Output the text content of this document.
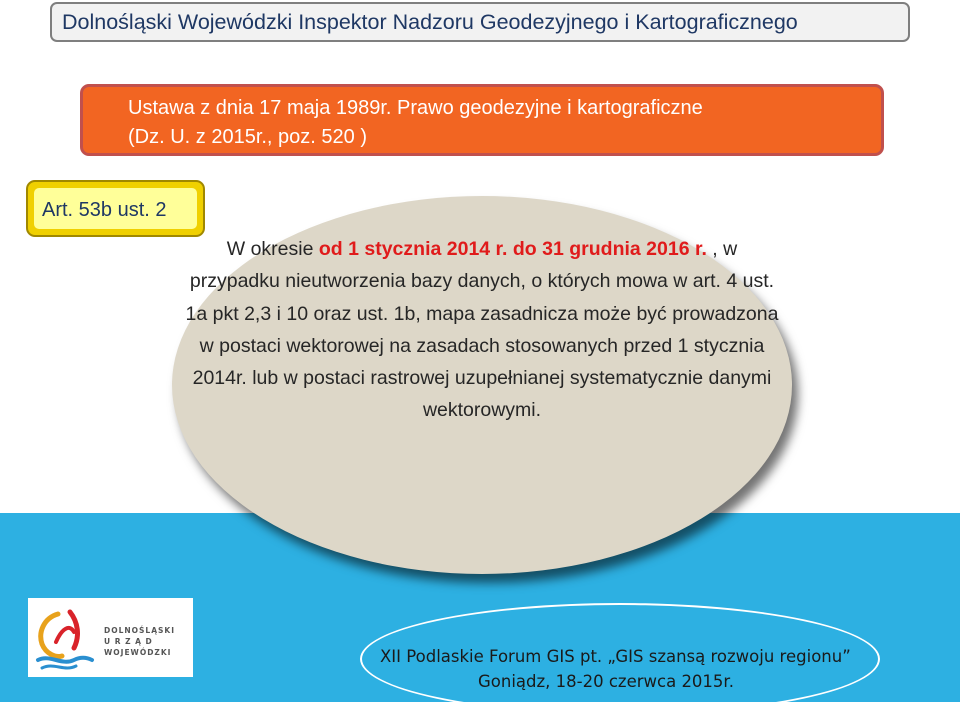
Dolnośląski Wojewódzki Inspektor Nadzoru Geodezyjnego i Kartograficznego
Ustawa z dnia 17 maja 1989r. Prawo geodezyjne i kartograficzne
(Dz. U. z 2015r., poz. 520 )
Art. 53b ust. 2
W okresie od 1 stycznia 2014 r. do 31 grudnia 2016 r. , w przypadku nieutworzenia bazy danych, o których mowa w art. 4 ust. 1a pkt 2,3 i 10 oraz ust. 1b, mapa zasadnicza może być prowadzona w postaci wektorowej na zasadach stosowanych przed 1 stycznia 2014r. lub w postaci rastrowej uzupełnianej systematycznie danymi wektorowymi.
DOLNOŚLĄSKI
U R Z Ą D
WOJEWÓDZKI	XII Podlaskie Forum GIS pt. „GIS szansą rozwoju regionu”
Goniądz, 18-20 czerwca 2015r.
